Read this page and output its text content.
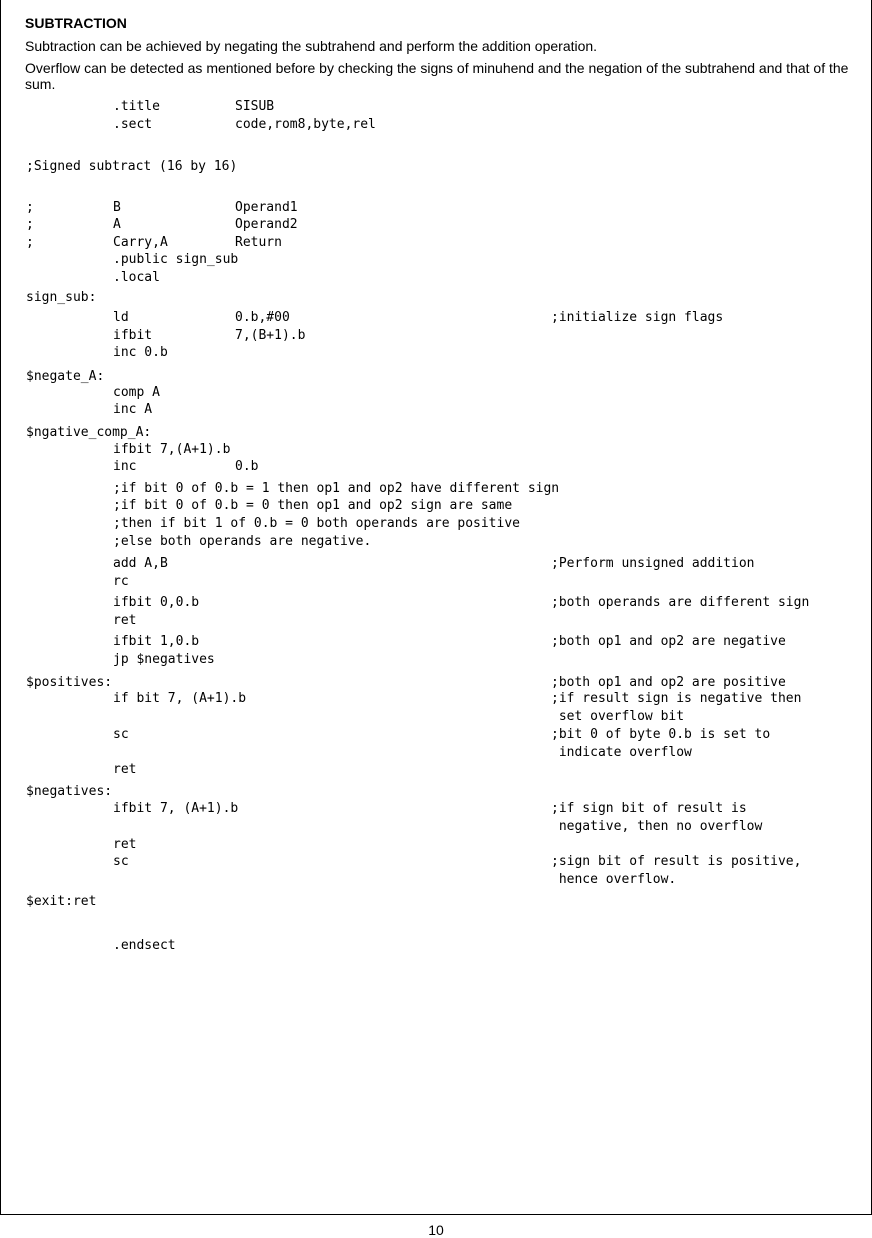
SUBTRACTION
Subtraction can be achieved by negating the subtrahend and perform the addition operation.
Overflow can be detected as mentioned before by checking the signs of minuhend and the negation of the subtrahend and that of the sum.
.title	SISUB
.sect	code,rom8,byte,rel
;Signed subtract (16 by 16)
;	B	Operand1
;	A	Operand2
;	Carry,A	Return
.public sign_sub
.local
sign_sub:
ld	0.b,#00	;initialize sign flags
ifbit	7,(B+1).b
inc 0.b
$negate_A:
comp A
inc A
$ngative_comp_A:
ifbit 7,(A+1).b
inc	0.b
;if bit 0 of 0.b = 1 then op1 and op2 have different sign
;if bit 0 of 0.b = 0 then op1 and op2 sign are same
;then if bit 1 of 0.b = 0 both operands are positive
;else both operands are negative.
add A,B	;Perform unsigned addition
rc
ifbit 0,0.b	;both operands are different sign
ret
ifbit 1,0.b	;both op1 and op2 are negative
jp $negatives
$positives:	;both op1 and op2 are positive
if bit 7, (A+1).b	;if result sign is negative then
set overflow bit
sc	;bit 0 of byte 0.b is set to
indicate overflow
ret
$negatives:
ifbit 7, (A+1).b	;if sign bit of result is
negative, then no overflow
ret
sc	;sign bit of result is positive,
hence overflow.
$exit:ret
.endsect
10
